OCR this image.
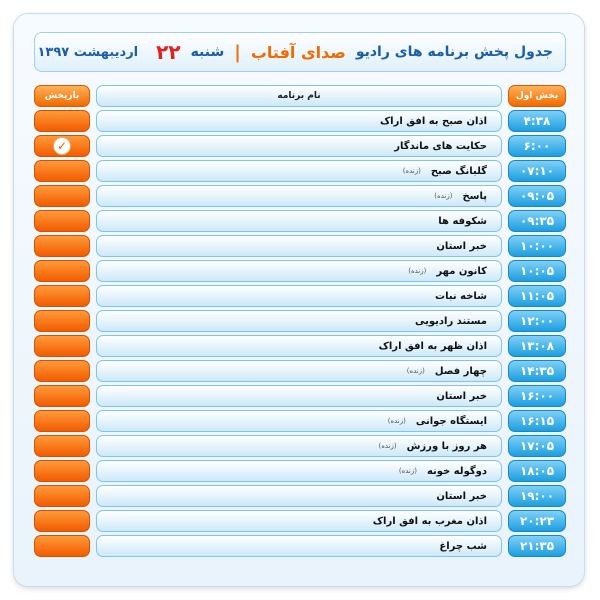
جدول پخش برنامه های رادیو
صدای آفتاب
|
شنبه
۲۲
اردیبهشت ۱۳۹۷
پخش اول		نام برنامه		بازپخش

۴:۳۸		اذان صبح به افق اراک		

۶:۰۰		حکایت های ماندگار		✓

۰۷:۱۰		گلبانگ صبح
(زنده)		

۰۹:۰۵		پاسخ
(زنده)		

۰۹:۳۵		شکوفه ها		

۱۰:۰۰		خبر استان		

۱۰:۰۵		کانون مهر
(زنده)		

۱۱:۰۵		شاخه نبات		

۱۲:۰۰		مستند رادیویی		

۱۳:۰۸		اذان ظهر به افق اراک		

۱۴:۳۵		چهار فصل
(زنده)		

۱۶:۰۰		خبر استان		

۱۶:۱۵		ایستگاه جوانی
(زنده)		

۱۷:۰۵		هر روز با ورزش
(زنده)		

۱۸:۰۵		دوگوله خونه
(زنده)		

۱۹:۰۰		خبر استان		

۲۰:۲۳		اذان مغرب به افق اراک		

۲۱:۳۵		شب چراغ		
